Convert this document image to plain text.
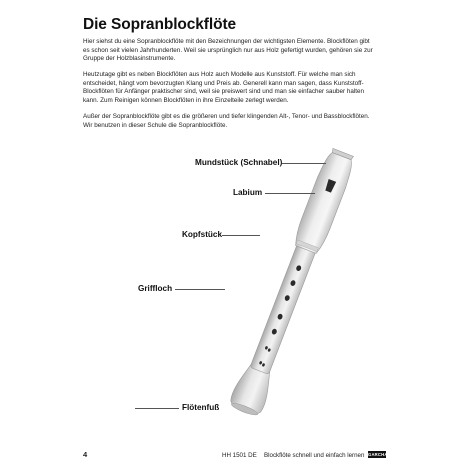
Die Sopranblockflöte

Hier siehst du eine Sopranblockflöte mit den Bezeichnungen der wichtigsten Elemente. Blockflöten gibt
es schon seit vielen Jahrhunderten. Weil sie ursprünglich nur aus Holz gefertigt wurden, gehören sie zur
Gruppe der Holzblasinstrumente.

Heutzutage gibt es neben Blockflöten aus Holz auch Modelle aus Kunststoff. Für welche man sich
entscheidet, hängt vom bevorzugten Klang und Preis ab. Generell kann man sagen, dass Kunststoff-
Blockflöten für Anfänger praktischer sind, weil sie preiswert sind und man sie einfacher sauber halten
kann. Zum Reinigen können Blockflöten in ihre Einzelteile zerlegt werden.

Außer der Sopranblockflöte gibt es die größeren und tiefer klingenden Alt-, Tenor- und Bassblockflöten.
Wir benutzen in dieser Schule die Sopranblockflöte.

Mundstück (Schnabel)
Labium
Kopfstück
Griffloch
Flötenfuß
4	HH 1501 DE Blockflöte schnell und einfach lernen GARCHA
